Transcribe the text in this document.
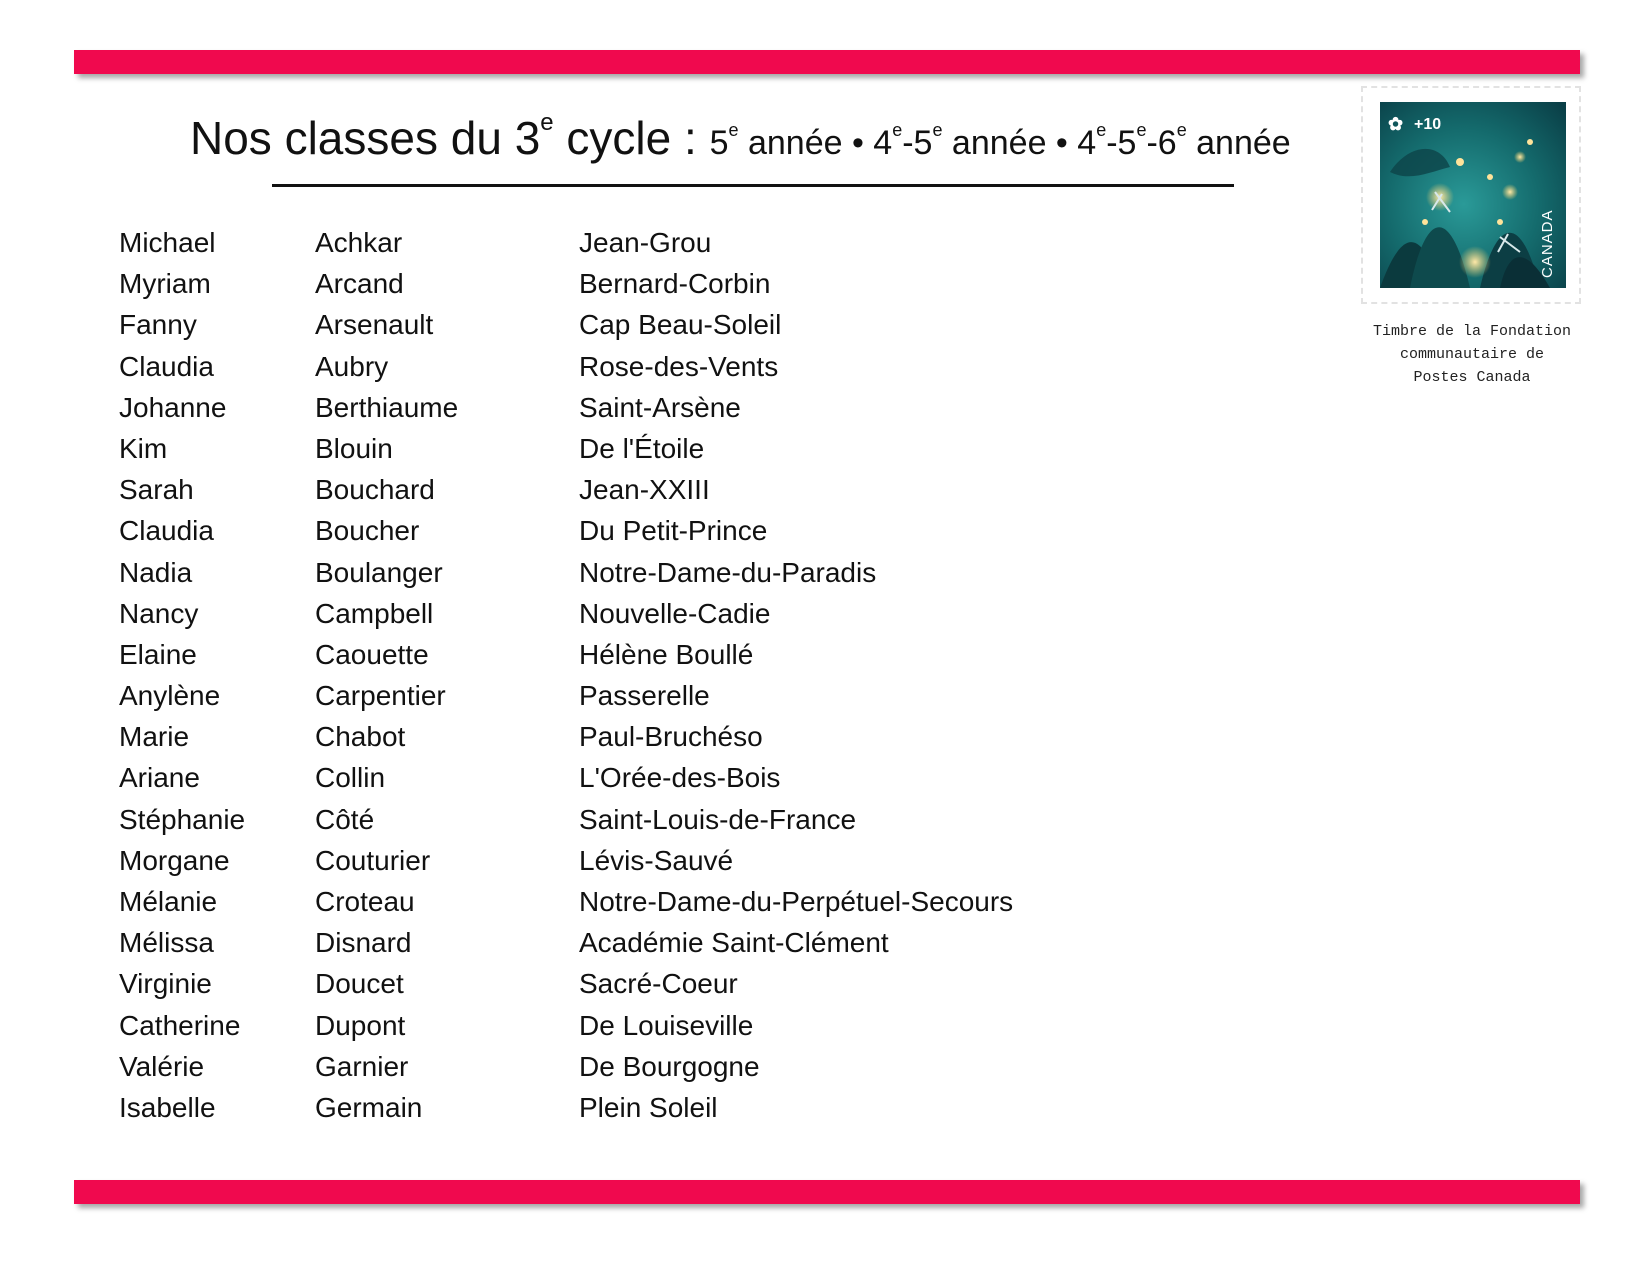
Nos classes du 3e cycle : 5e année • 4e-5e année • 4e-5e-6e année
Michael
Myriam
Fanny
Claudia
Johanne
Kim
Sarah
Claudia
Nadia
Nancy
Elaine
Anylène
Marie
Ariane
Stéphanie
Morgane
Mélanie
Mélissa
Virginie
Catherine
Valérie
Isabelle
Achkar
Arcand
Arsenault
Aubry
Berthiaume
Blouin
Bouchard
Boucher
Boulanger
Campbell
Caouette
Carpentier
Chabot
Collin
Côté
Couturier
Croteau
Disnard
Doucet
Dupont
Garnier
Germain
Jean-Grou
Bernard-Corbin
Cap Beau-Soleil
Rose-des-Vents
Saint-Arsène
De l'Étoile
Jean-XXIII
Du Petit-Prince
Notre-Dame-du-Paradis
Nouvelle-Cadie
Hélène Boullé
Passerelle
Paul-Bruchéso
L'Orée-des-Bois
Saint-Louis-de-France
Lévis-Sauvé
Notre-Dame-du-Perpétuel-Secours
Académie Saint-Clément
Sacré-Coeur
De Louiseville
De Bourgogne
Plein Soleil
✿ +10
CANADA
Timbre de la Fondation
communautaire de
Postes Canada
